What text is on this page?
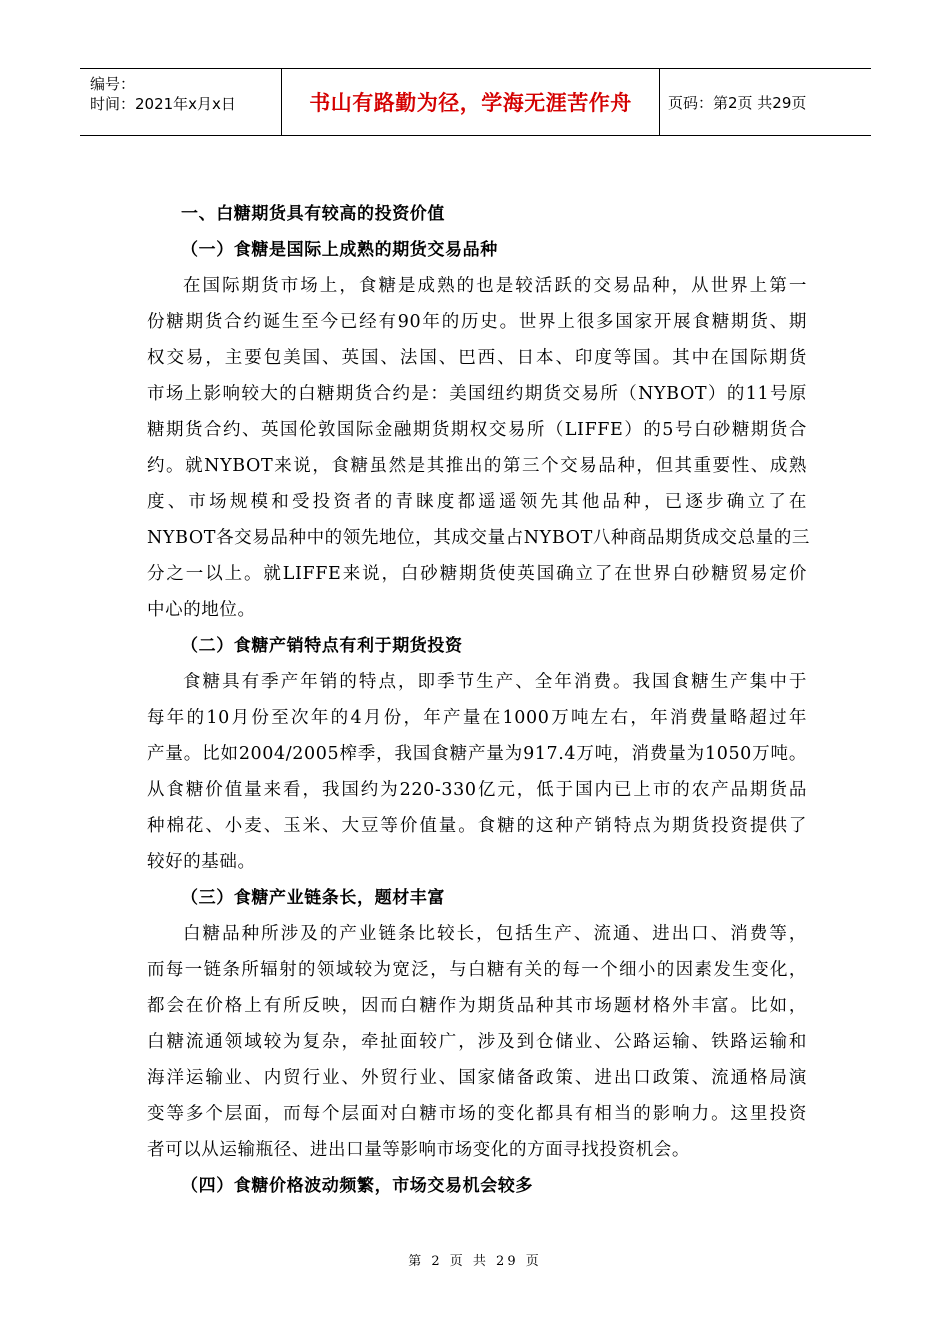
编号：
时间：2021年x月x日	书山有路勤为径，学海无涯苦作舟	页码：第2页 共29页
一、白糖期货具有较高的投资价值
（一）食糖是国际上成熟的期货交易品种
在国际期货市场上，食糖是成熟的也是较活跃的交易品种，从世界上第一
份糖期货合约诞生至今已经有90年的历史。世界上很多国家开展食糖期货、期
权交易，主要包美国、英国、法国、巴西、日本、印度等国。其中在国际期货
市场上影响较大的白糖期货合约是：美国纽约期货交易所（NYBOT）的11号原
糖期货合约、英国伦敦国际金融期货期权交易所（LIFFE）的5号白砂糖期货合
约。就NYBOT来说，食糖虽然是其推出的第三个交易品种，但其重要性、成熟
度、市场规模和受投资者的青睐度都遥遥领先其他品种，已逐步确立了在
NYBOT各交易品种中的领先地位，其成交量占NYBOT八种商品期货成交总量的三
分之一以上。就LIFFE来说，白砂糖期货使英国确立了在世界白砂糖贸易定价
中心的地位。
（二）食糖产销特点有利于期货投资
食糖具有季产年销的特点，即季节生产、全年消费。我国食糖生产集中于
每年的10月份至次年的4月份，年产量在1000万吨左右，年消费量略超过年
产量。比如2004/2005榨季，我国食糖产量为917.4万吨，消费量为1050万吨。
从食糖价值量来看，我国约为220-330亿元，低于国内已上市的农产品期货品
种棉花、小麦、玉米、大豆等价值量。食糖的这种产销特点为期货投资提供了
较好的基础。
（三）食糖产业链条长，题材丰富
白糖品种所涉及的产业链条比较长，包括生产、流通、进出口、消费等，
而每一链条所辐射的领域较为宽泛，与白糖有关的每一个细小的因素发生变化，
都会在价格上有所反映，因而白糖作为期货品种其市场题材格外丰富。比如，
白糖流通领域较为复杂，牵扯面较广，涉及到仓储业、公路运输、铁路运输和
海洋运输业、内贸行业、外贸行业、国家储备政策、进出口政策、流通格局演
变等多个层面，而每个层面对白糖市场的变化都具有相当的影响力。这里投资
者可以从运输瓶径、进出口量等影响市场变化的方面寻找投资机会。
（四）食糖价格波动频繁，市场交易机会较多
第 2 页 共 29 页
